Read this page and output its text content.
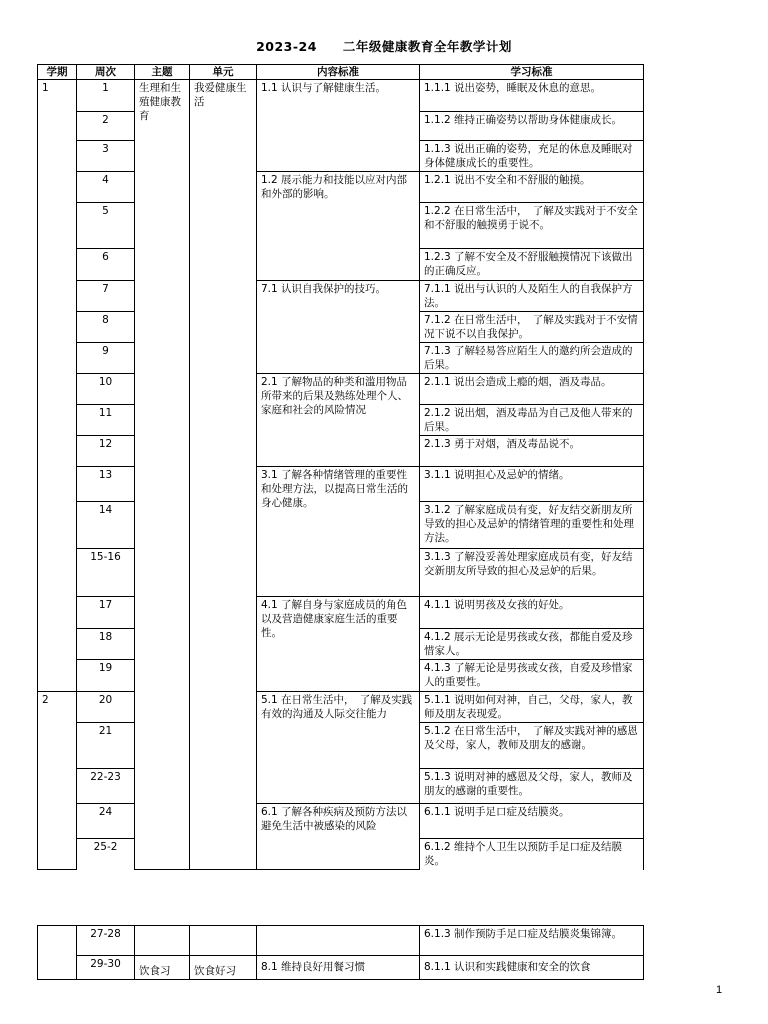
2023-24　　二年级健康教育全年教学计划
学期	周次	主题	单元	内容标准	学习标准
1	1	生理和生殖健康教育	我爱健康生活	1.1 认识与了解健康生活。	1.1.1 说出姿势，睡眠及休息的意思。
	2				1.1.2 维持正确姿势以帮助身体健康成长。
	3				1.1.3 说出正确的姿势，充足的休息及睡眠对身体健康成长的重要性。
	4			1.2 展示能力和技能以应对内部和外部的影响。	1.2.1 说出不安全和不舒服的触摸。
	5				1.2.2 在日常生活中，　了解及实践对于不安全和不舒服的触摸勇于说不。
	6				1.2.3 了解不安全及不舒服触摸情况下该做出的正确反应。
	7			7.1 认识自我保护的技巧。	7.1.1 说出与认识的人及陌生人的自我保护方法。
	8				7.1.2 在日常生活中，　了解及实践对于不安情况下说不以自我保护。
	9				7.1.3 了解轻易答应陌生人的邀约所会造成的后果。
	10			2.1 了解物品的种类和滥用物品所带来的后果及熟练处理个人、家庭和社会的风险情况	2.1.1 说出会造成上瘾的烟，酒及毒品。
	11				2.1.2 说出烟，酒及毒品为自己及他人带来的后果。
	12				2.1.3 勇于对烟，酒及毒品说不。
	13			3.1 了解各种情绪管理的重要性和处理方法，以提高日常生活的身心健康。	3.1.1 说明担心及忌妒的情绪。
	14				3.1.2 了解家庭成员有变，好友结交新朋友所导致的担心及忌妒的情绪管理的重要性和处理方法。
	15-16				3.1.3 了解没妥善处理家庭成员有变，好友结交新朋友所导致的担心及忌妒的后果。
	17			4.1 了解自身与家庭成员的角色以及营造健康家庭生活的重要性。	4.1.1 说明男孩及女孩的好处。
	18				4.1.2 展示无论是男孩或女孩，都能自爱及珍惜家人。
	19				4.1.3 了解无论是男孩或女孩，自爱及珍惜家人的重要性。
2	20			5.1 在日常生活中，　了解及实践有效的沟通及人际交往能力	5.1.1 说明如何对神，自己，父母，家人，教师及朋友表现爱。
	21				5.1.2 在日常生活中，　了解及实践对神的感恩及父母，家人，教师及朋友的感谢。
	22-23				5.1.3 说明对神的感恩及父母，家人，教师及朋友的感谢的重要性。
	24			6.1 了解各种疾病及预防方法以避免生活中被感染的风险	6.1.1 说明手足口症及结膜炎。
	25-2				6.1.2 维持个人卫生以预防手足口症及结膜炎。
	27-28				6.1.3 制作预防手足口症及结膜炎集锦簿。
	29-30	饮食习	饮食好习	8.1 维持良好用餐习惯	8.1.1 认识和实践健康和安全的饮食
1
